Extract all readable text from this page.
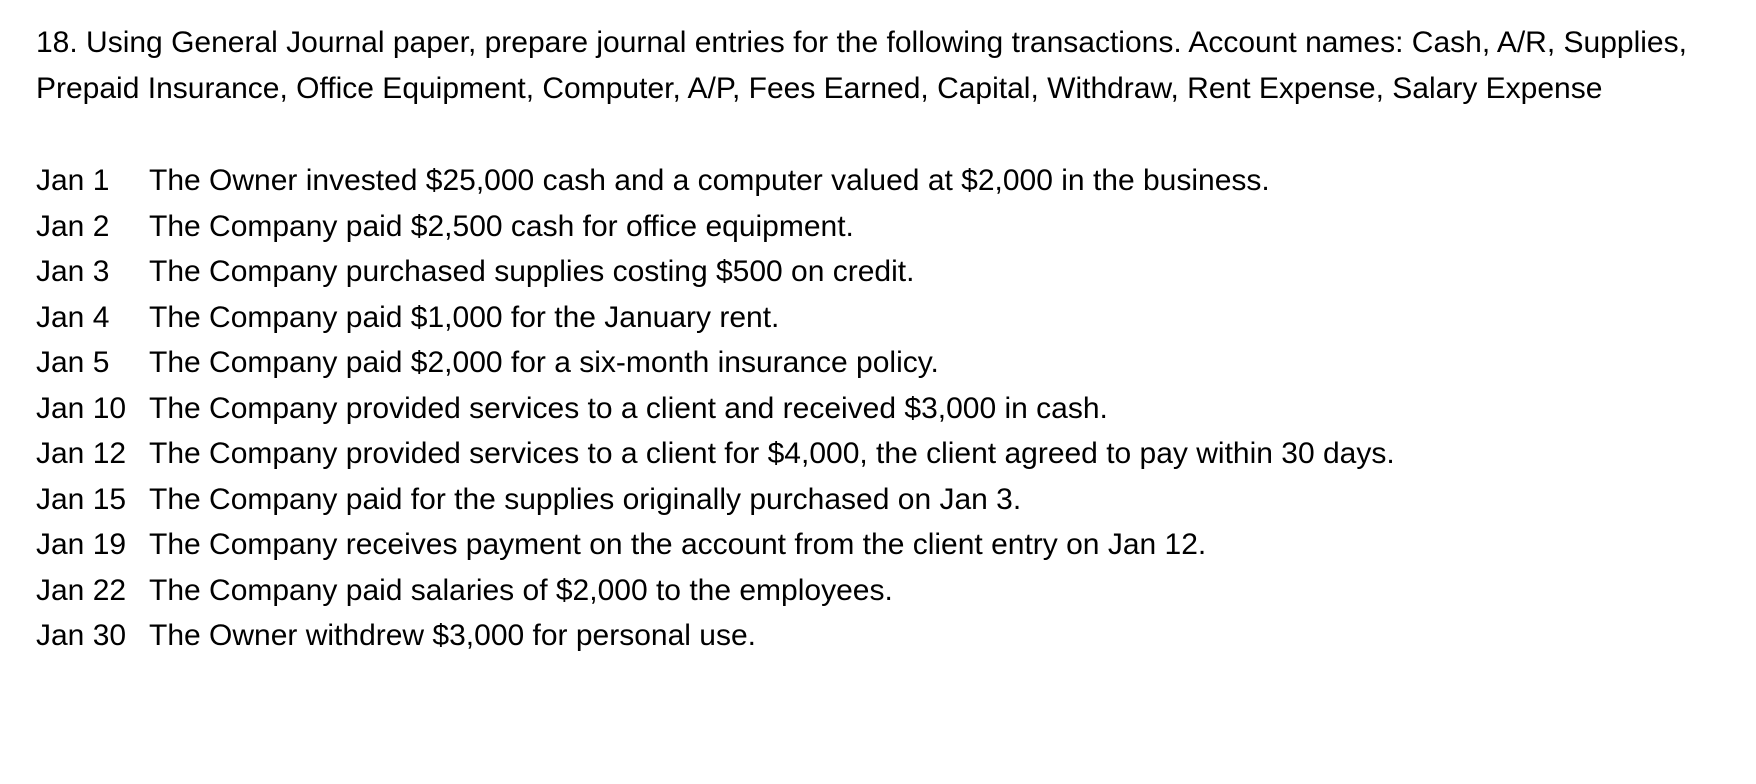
18. Using General Journal paper, prepare journal entries for the following transactions. Account names: Cash, A/R, Supplies, Prepaid Insurance, Office Equipment, Computer, A/P, Fees Earned, Capital, Withdraw, Rent Expense, Salary Expense

Jan 1	The Owner invested $25,000 cash and a computer valued at $2,000 in the business.
Jan 2	The Company paid $2,500 cash for office equipment.
Jan 3	The Company purchased supplies costing $500 on credit.
Jan 4	The Company paid $1,000 for the January rent.
Jan 5	The Company paid $2,000 for a six-month insurance policy.
Jan 10 The Company provided services to a client and received $3,000 in cash.
Jan 12 The Company provided services to a client for $4,000, the client agreed to pay within 30 days.
Jan 15 The Company paid for the supplies originally purchased on Jan 3.
Jan 19 The Company receives payment on the account from the client entry on Jan 12.
Jan 22 The Company paid salaries of $2,000 to the employees.
Jan 30 The Owner withdrew $3,000 for personal use.
